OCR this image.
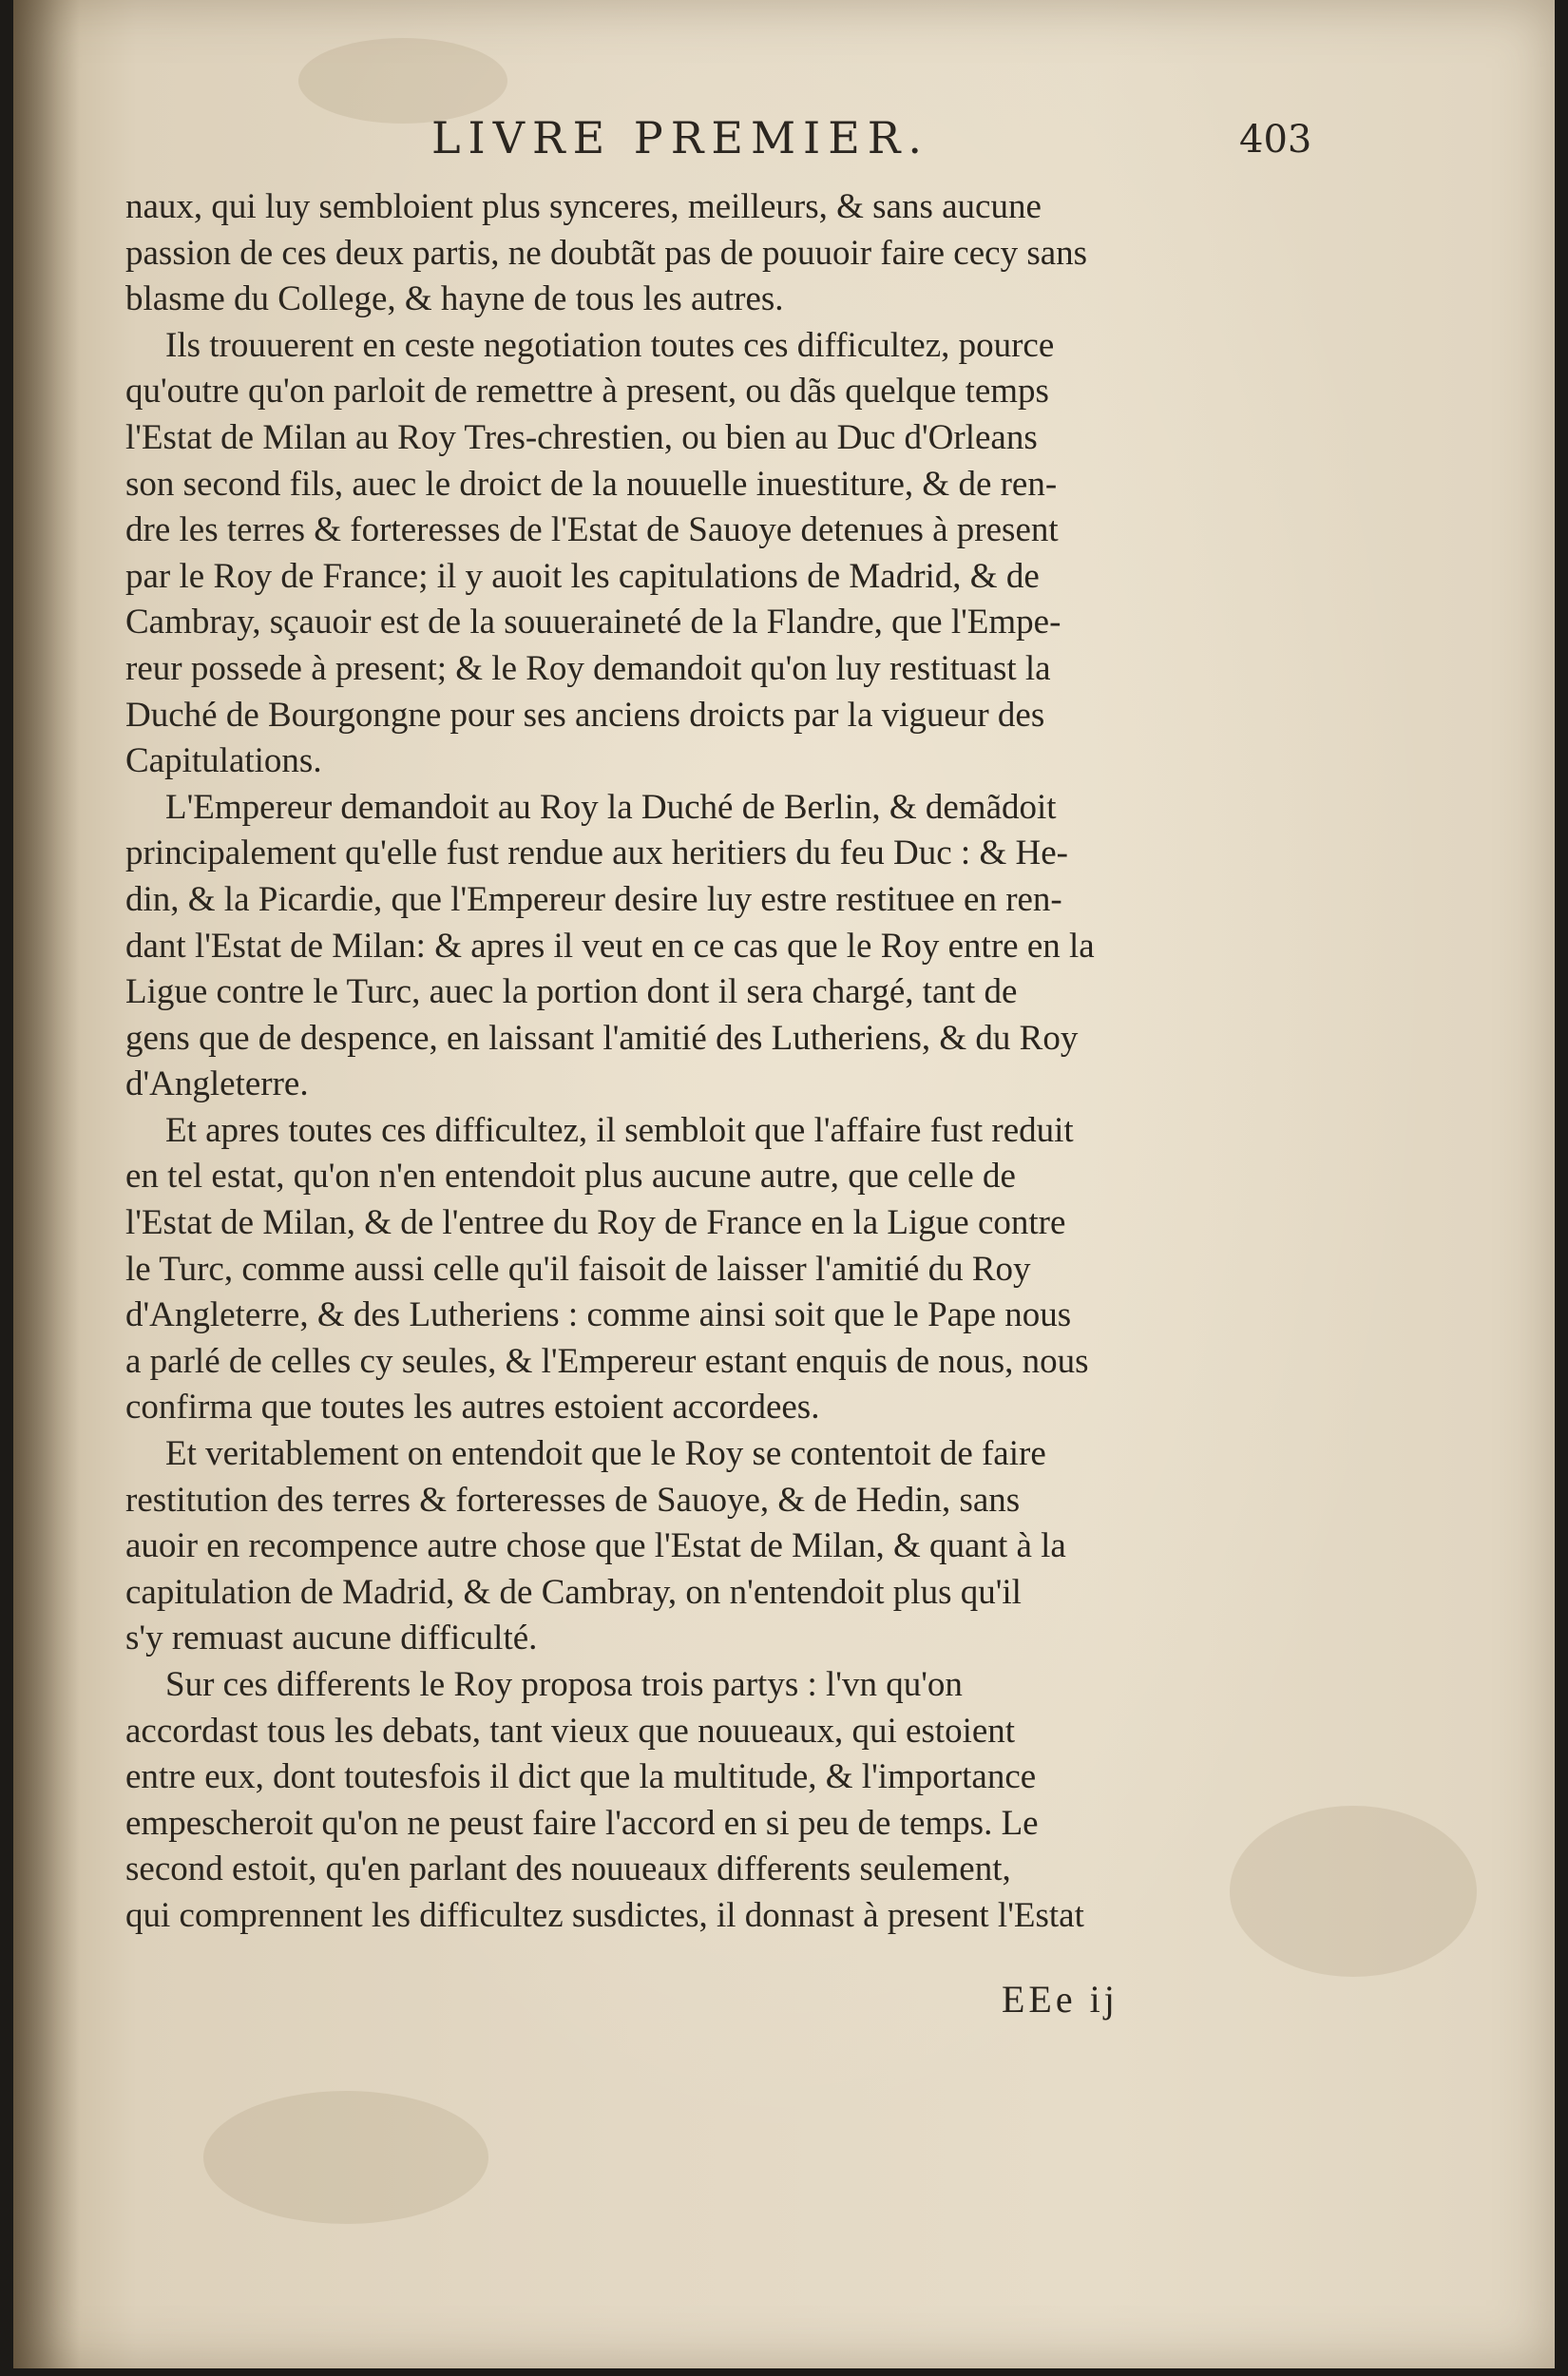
LIVRE PREMIER.	403
naux, qui luy sembloient plus synceres, meilleurs, & sans aucune
passion de ces deux partis, ne doubtãt pas de pouuoir faire cecy sans
blasme du College, & hayne de tous les autres.
Ils trouuerent en ceste negotiation toutes ces difficultez, pource
qu'outre qu'on parloit de remettre à present, ou dãs quelque temps
l'Estat de Milan au Roy Tres-chrestien, ou bien au Duc d'Orleans
son second fils, auec le droict de la nouuelle inuestiture, & de ren-
dre les terres & forteresses de l'Estat de Sauoye detenues à present
par le Roy de France; il y auoit les capitulations de Madrid, & de
Cambray, sçauoir est de la souueraineté de la Flandre, que l'Empe-
reur possede à present; & le Roy demandoit qu'on luy restituast la
Duché de Bourgongne pour ses anciens droicts par la vigueur des
Capitulations.
L'Empereur demandoit au Roy la Duché de Berlin, & demãdoit
principalement qu'elle fust rendue aux heritiers du feu Duc : & He-
din, & la Picardie, que l'Empereur desire luy estre restituee en ren-
dant l'Estat de Milan: & apres il veut en ce cas que le Roy entre en la
Ligue contre le Turc, auec la portion dont il sera chargé, tant de
gens que de despence, en laissant l'amitié des Lutheriens, & du Roy
d'Angleterre.
Et apres toutes ces difficultez, il sembloit que l'affaire fust reduit
en tel estat, qu'on n'en entendoit plus aucune autre, que celle de
l'Estat de Milan, & de l'entree du Roy de France en la Ligue contre
le Turc, comme aussi celle qu'il faisoit de laisser l'amitié du Roy
d'Angleterre, & des Lutheriens : comme ainsi soit que le Pape nous
a parlé de celles cy seules, & l'Empereur estant enquis de nous, nous
confirma que toutes les autres estoient accordees.
Et veritablement on entendoit que le Roy se contentoit de faire
restitution des terres & forteresses de Sauoye, & de Hedin, sans
auoir en recompence autre chose que l'Estat de Milan, & quant à la
capitulation de Madrid, & de Cambray, on n'entendoit plus qu'il
s'y remuast aucune difficulté.
Sur ces differents le Roy proposa trois partys : l'vn qu'on
accordast tous les debats, tant vieux que nouueaux, qui estoient
entre eux, dont toutesfois il dict que la multitude, & l'importance
empescheroit qu'on ne peust faire l'accord en si peu de temps. Le
second estoit, qu'en parlant des nouueaux differents seulement,
qui comprennent les difficultez susdictes, il donnast à present l'Estat
EEe ij
